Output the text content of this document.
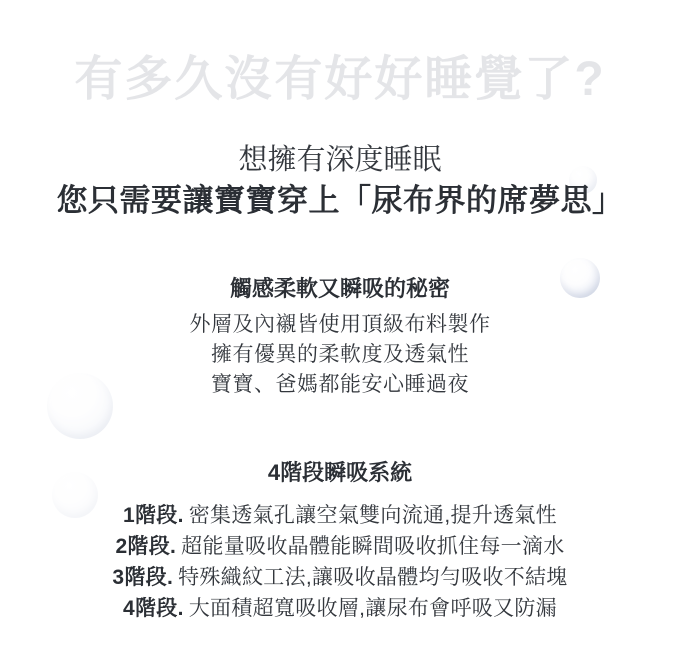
有多久沒有好好睡覺了?
想擁有深度睡眠
您只需要讓寶寶穿上「尿布界的席夢思」
觸感柔軟又瞬吸的秘密
外層及內襯皆使用頂級布料製作
擁有優異的柔軟度及透氣性
寶寶、爸媽都能安心睡過夜
4階段瞬吸系統
1階段. 密集透氣孔讓空氣雙向流通,提升透氣性
2階段. 超能量吸收晶體能瞬間吸收抓住每一滴水
3階段. 特殊織紋工法,讓吸收晶體均勻吸收不結塊
4階段. 大面積超寬吸收層,讓尿布會呼吸又防漏
